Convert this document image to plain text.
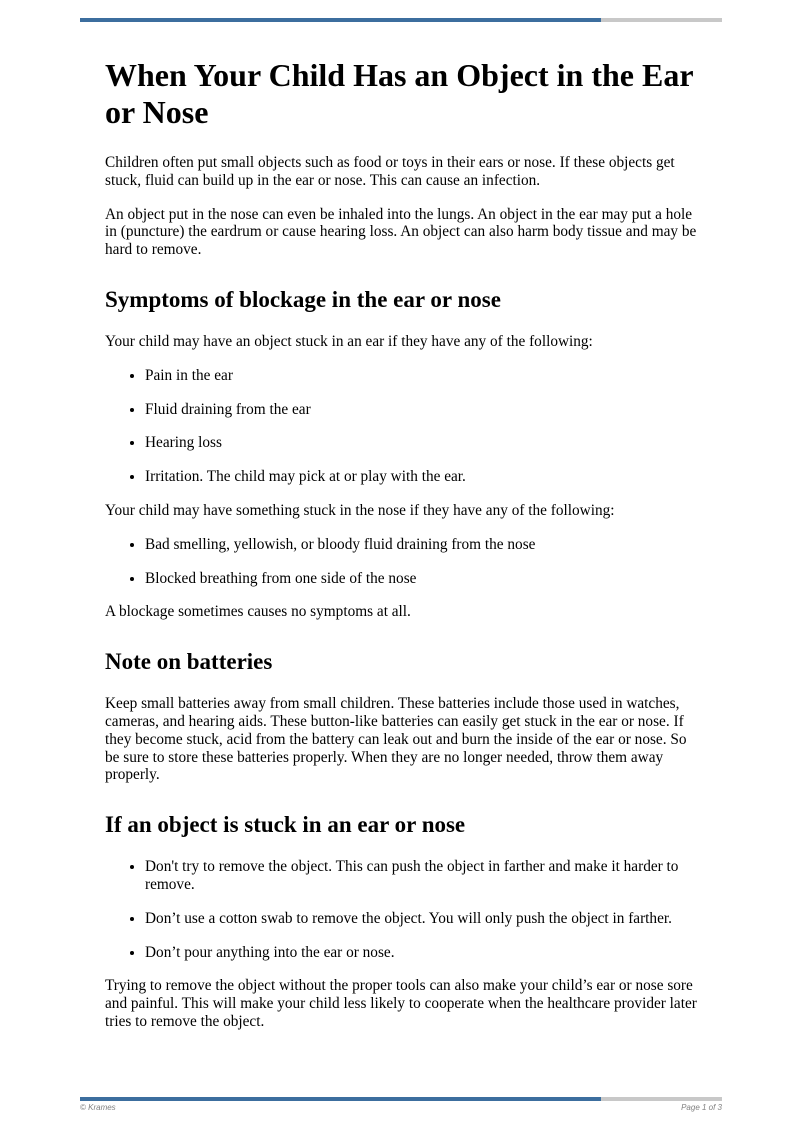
When Your Child Has an Object in the Ear or Nose

Children often put small objects such as food or toys in their ears or nose. If these objects get stuck, fluid can build up in the ear or nose. This can cause an infection.

An object put in the nose can even be inhaled into the lungs. An object in the ear may put a hole in (puncture) the eardrum or cause hearing loss. An object can also harm body tissue and may be hard to remove.

Symptoms of blockage in the ear or nose

Your child may have an object stuck in an ear if they have any of the following:

• Pain in the ear
• Fluid draining from the ear
• Hearing loss
• Irritation. The child may pick at or play with the ear.

Your child may have something stuck in the nose if they have any of the following:

• Bad smelling, yellowish, or bloody fluid draining from the nose
• Blocked breathing from one side of the nose

A blockage sometimes causes no symptoms at all.

Note on batteries

Keep small batteries away from small children. These batteries include those used in watches, cameras, and hearing aids. These button-like batteries can easily get stuck in the ear or nose. If they become stuck, acid from the battery can leak out and burn the inside of the ear or nose. So be sure to store these batteries properly. When they are no longer needed, throw them away properly.

If an object is stuck in an ear or nose
• Don't try to remove the object. This can push the object in farther and make it harder to remove.
• Don’t use a cotton swab to remove the object. You will only push the object in farther.
• Don’t pour anything into the ear or nose.

Trying to remove the object without the proper tools can also make your child’s ear or nose sore and painful. This will make your child less likely to cooperate when the healthcare provider later tries to remove the object.

© Krames	Page 1 of 3
